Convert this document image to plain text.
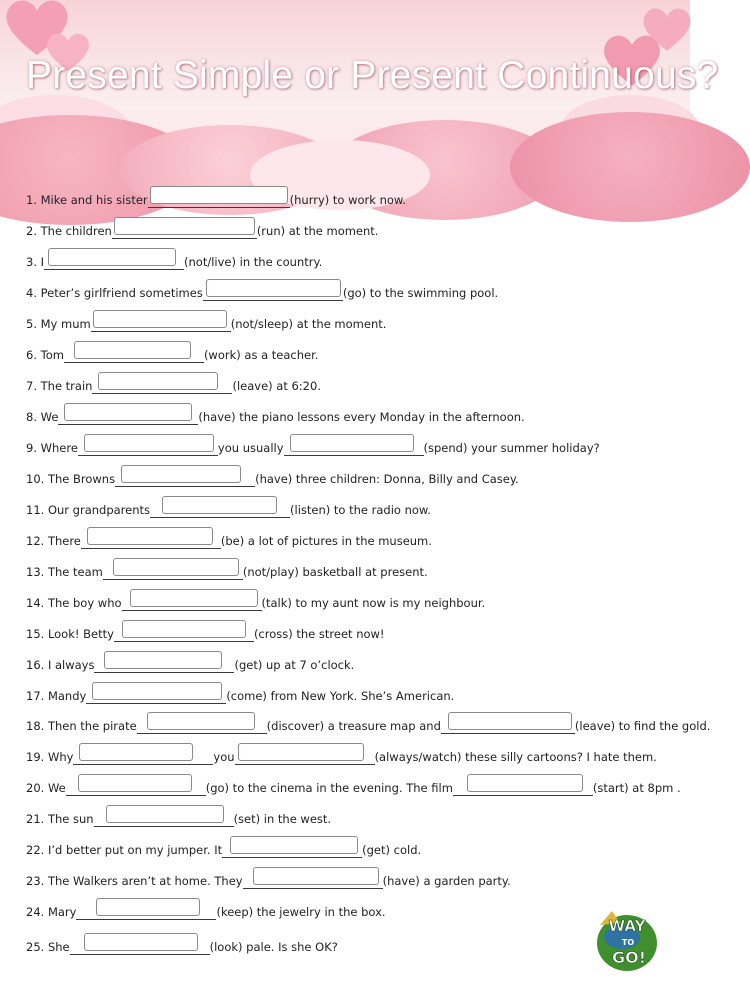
Present Simple or Present Continuous?
1. Mike and his sister	(hurry) to work now.
2. The children	(run) at the moment.
3. I	(not/live) in the country.
4. Peter’s girlfriend sometimes	(go) to the swimming pool.
5. My mum	(not/sleep) at the moment.
6. Tom	(work) as a teacher.
7. The train	(leave) at 6:20.
8. We	(have) the piano lessons every Monday in the afternoon.
9. Where	you usually	(spend) your summer holiday?
10. The Browns	(have) three children: Donna, Billy and Casey.
11. Our grandparents	(listen) to the radio now.
12. There	(be) a lot of pictures in the museum.
13. The team	(not/play) basketball at present.
14. The boy who	(talk) to my aunt now is my neighbour.
15. Look! Betty	(cross) the street now!
16. I always	(get) up at 7 o’clock.
17. Mandy	(come) from New York. She’s American.
18. Then the pirate	(discover) a treasure map and	(leave) to find the gold.
19. Why	you	(always/watch) these silly cartoons? I hate them.
20. We	(go) to the cinema in the evening. The film	(start) at 8pm .
21. The sun	(set) in the west.
22. I’d better put on my jumper. It	(get) cold.
23. The Walkers aren’t at home. They	(have) a garden party.
24. Mary	(keep) the jewelry in the box.
25. She	(look) pale. Is she OK?
WAY
TO
GO!
